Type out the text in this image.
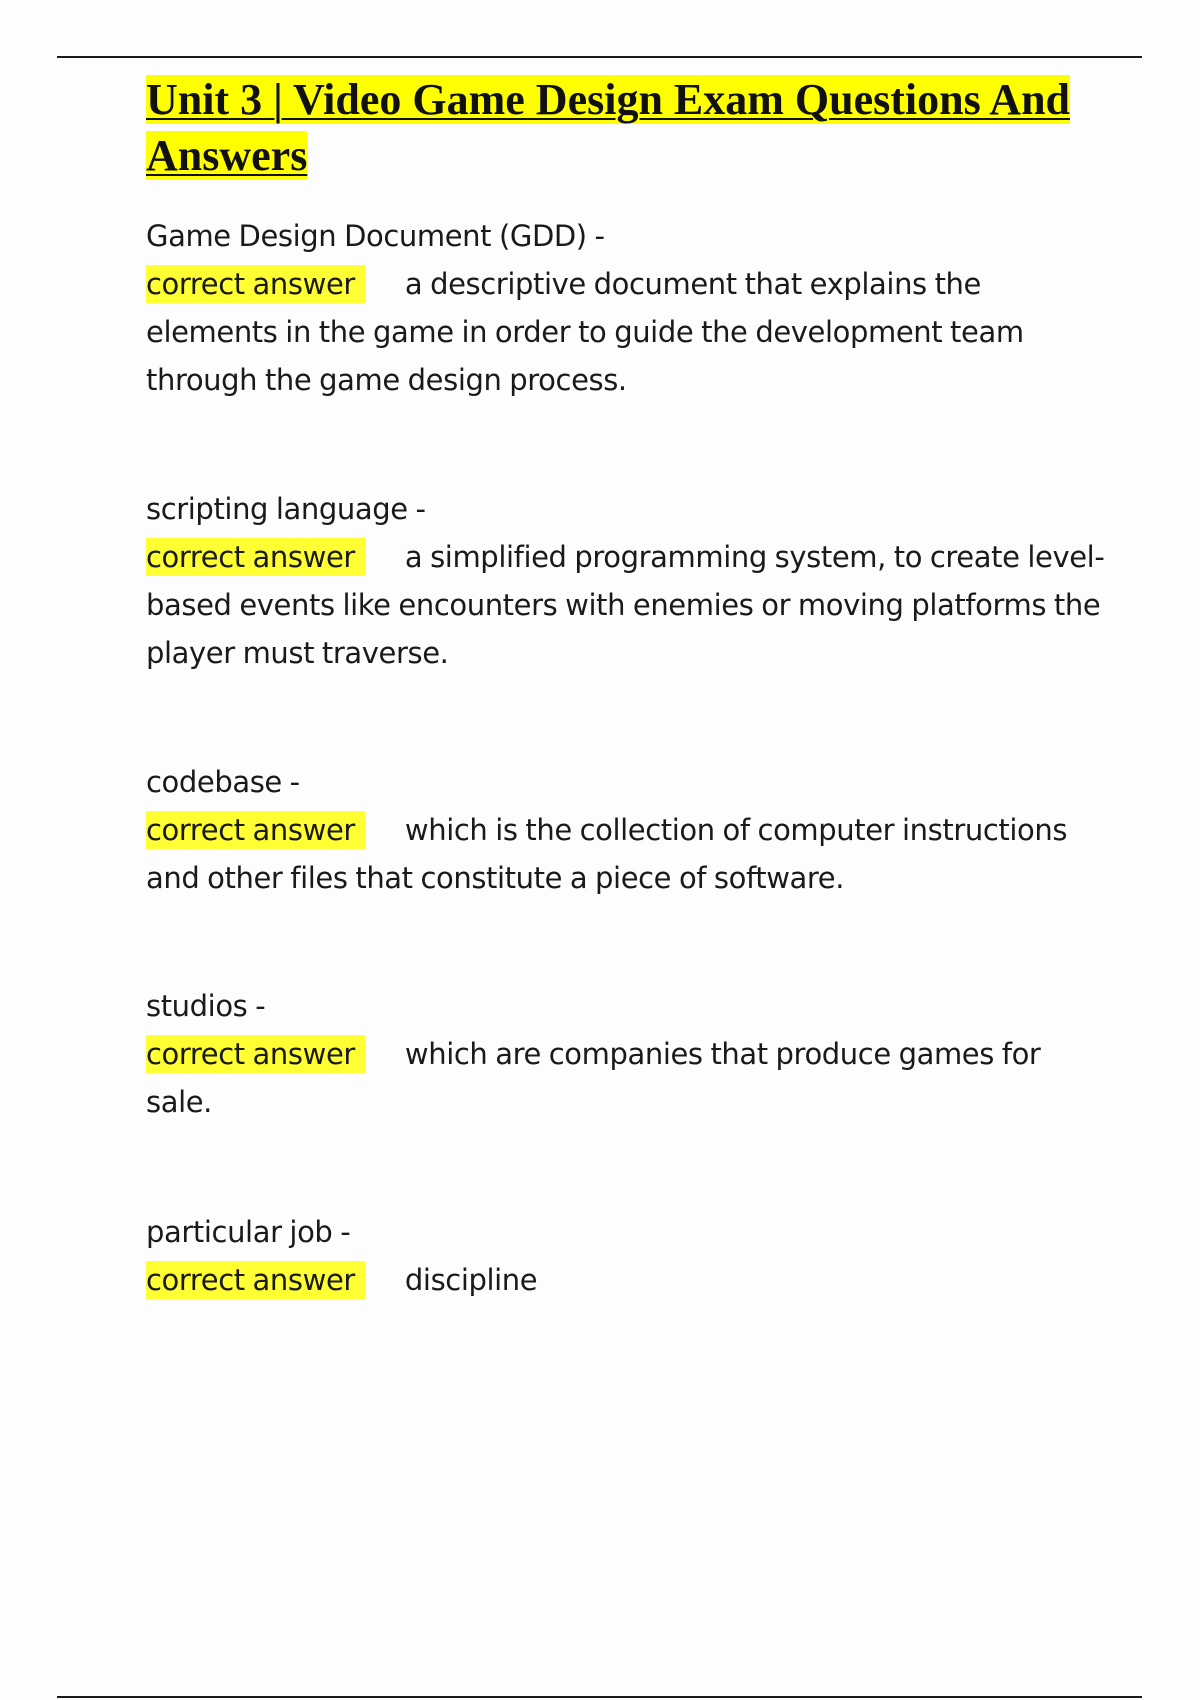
Unit 3 | Video Game Design Exam Questions And Answers

Game Design Document (GDD) -

correct answer a descriptive document that explains the elements in the game in order to guide the development team through the game design process.

scripting language -

correct answer a simplified programming system, to create level-based events like encounters with enemies or moving platforms the player must traverse.

codebase -

correct answer which is the collection of computer instructions and other files that constitute a piece of software.

studios -

correct answer which are companies that produce games for sale.

particular job -

correct answer discipline
